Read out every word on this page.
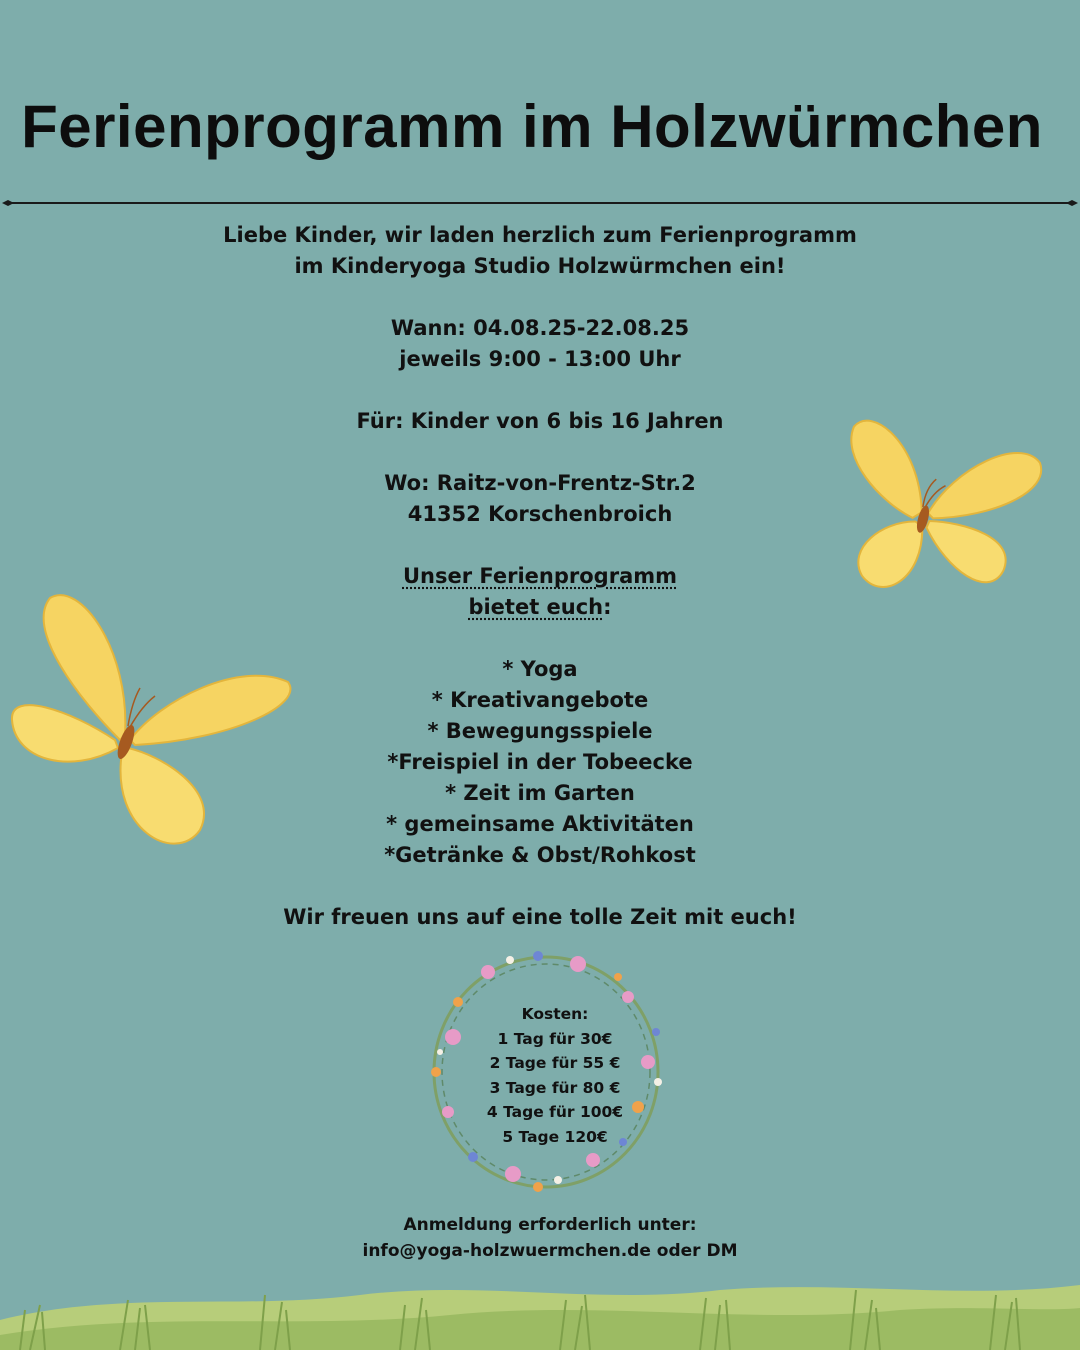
Ferienprogramm im Holzwürmchen

Liebe Kinder, wir laden herzlich zum Ferienprogramm

im Kinderyoga Studio Holzwürmchen ein!

Wann: 04.08.25-22.08.25

jeweils 9:00 - 13:00 Uhr

Für: Kinder von 6 bis 16 Jahren

Wo: Raitz-von-Frentz-Str.2

41352 Korschenbroich

Unser Ferienprogramm

bietet euch:

* Yoga

* Kreativangebote

* Bewegungsspiele

*Freispiel in der Tobeecke

* Zeit im Garten

* gemeinsame Aktivitäten

*Getränke & Obst/Rohkost

Wir freuen uns auf eine tolle Zeit mit euch!

Kosten:

1 Tag für 30€

2 Tage für 55 €

3 Tage für 80 €

4 Tage für 100€

5 Tage 120€

Anmeldung erforderlich unter:

info@yoga-holzwuermchen.de oder DM
